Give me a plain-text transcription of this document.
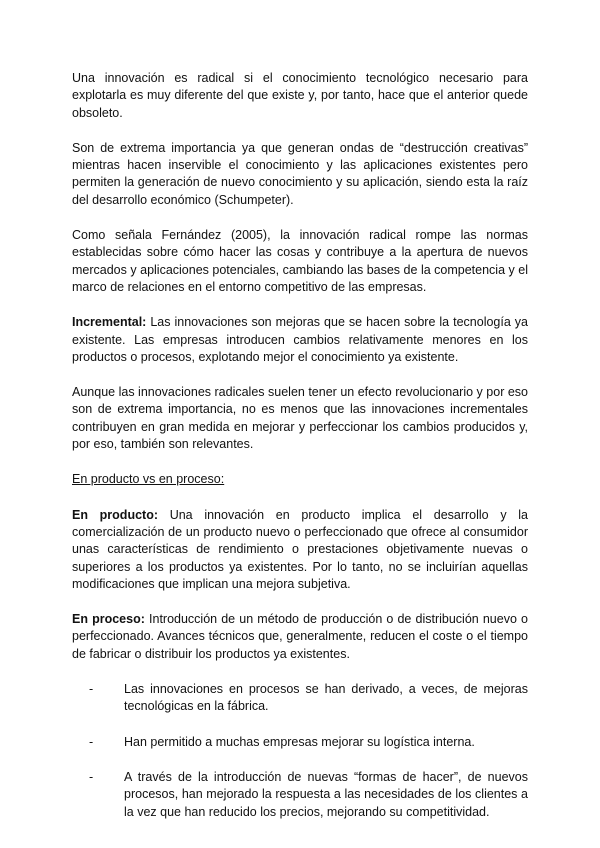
Una innovación es radical si el conocimiento tecnológico necesario para explotarla es muy diferente del que existe y, por tanto, hace que el anterior quede obsoleto.

Son de extrema importancia ya que generan ondas de “destrucción creativas” mientras hacen inservible el conocimiento y las aplicaciones existentes pero permiten la generación de nuevo conocimiento y su aplicación, siendo esta la raíz del desarrollo económico (Schumpeter).

Como señala Fernández (2005), la innovación radical rompe las normas establecidas sobre cómo hacer las cosas y contribuye a la apertura de nuevos mercados y aplicaciones potenciales, cambiando las bases de la competencia y el marco de relaciones en el entorno competitivo de las empresas.

Incremental: Las innovaciones son mejoras que se hacen sobre la tecnología ya existente. Las empresas introducen cambios relativamente menores en los productos o procesos, explotando mejor el conocimiento ya existente.

Aunque las innovaciones radicales suelen tener un efecto revolucionario y por eso son de extrema importancia, no es menos que las innovaciones incrementales contribuyen en gran medida en mejorar y perfeccionar los cambios producidos y, por eso, también son relevantes.

En producto vs en proceso:

En producto: Una innovación en producto implica el desarrollo y la comercialización de un producto nuevo o perfeccionado que ofrece al consumidor unas características de rendimiento o prestaciones objetivamente nuevas o superiores a los productos ya existentes. Por lo tanto, no se incluirían aquellas modificaciones que implican una mejora subjetiva.

En proceso: Introducción de un método de producción o de distribución nuevo o perfeccionado. Avances técnicos que, generalmente, reducen el coste o el tiempo de fabricar o distribuir los productos ya existentes.

- Las innovaciones en procesos se han derivado, a veces, de mejoras tecnológicas en la fábrica.
- Han permitido a muchas empresas mejorar su logística interna.
- A través de la introducción de nuevas “formas de hacer”, de nuevos procesos, han mejorado la respuesta a las necesidades de los clientes a la vez que han reducido los precios, mejorando su competitividad.
